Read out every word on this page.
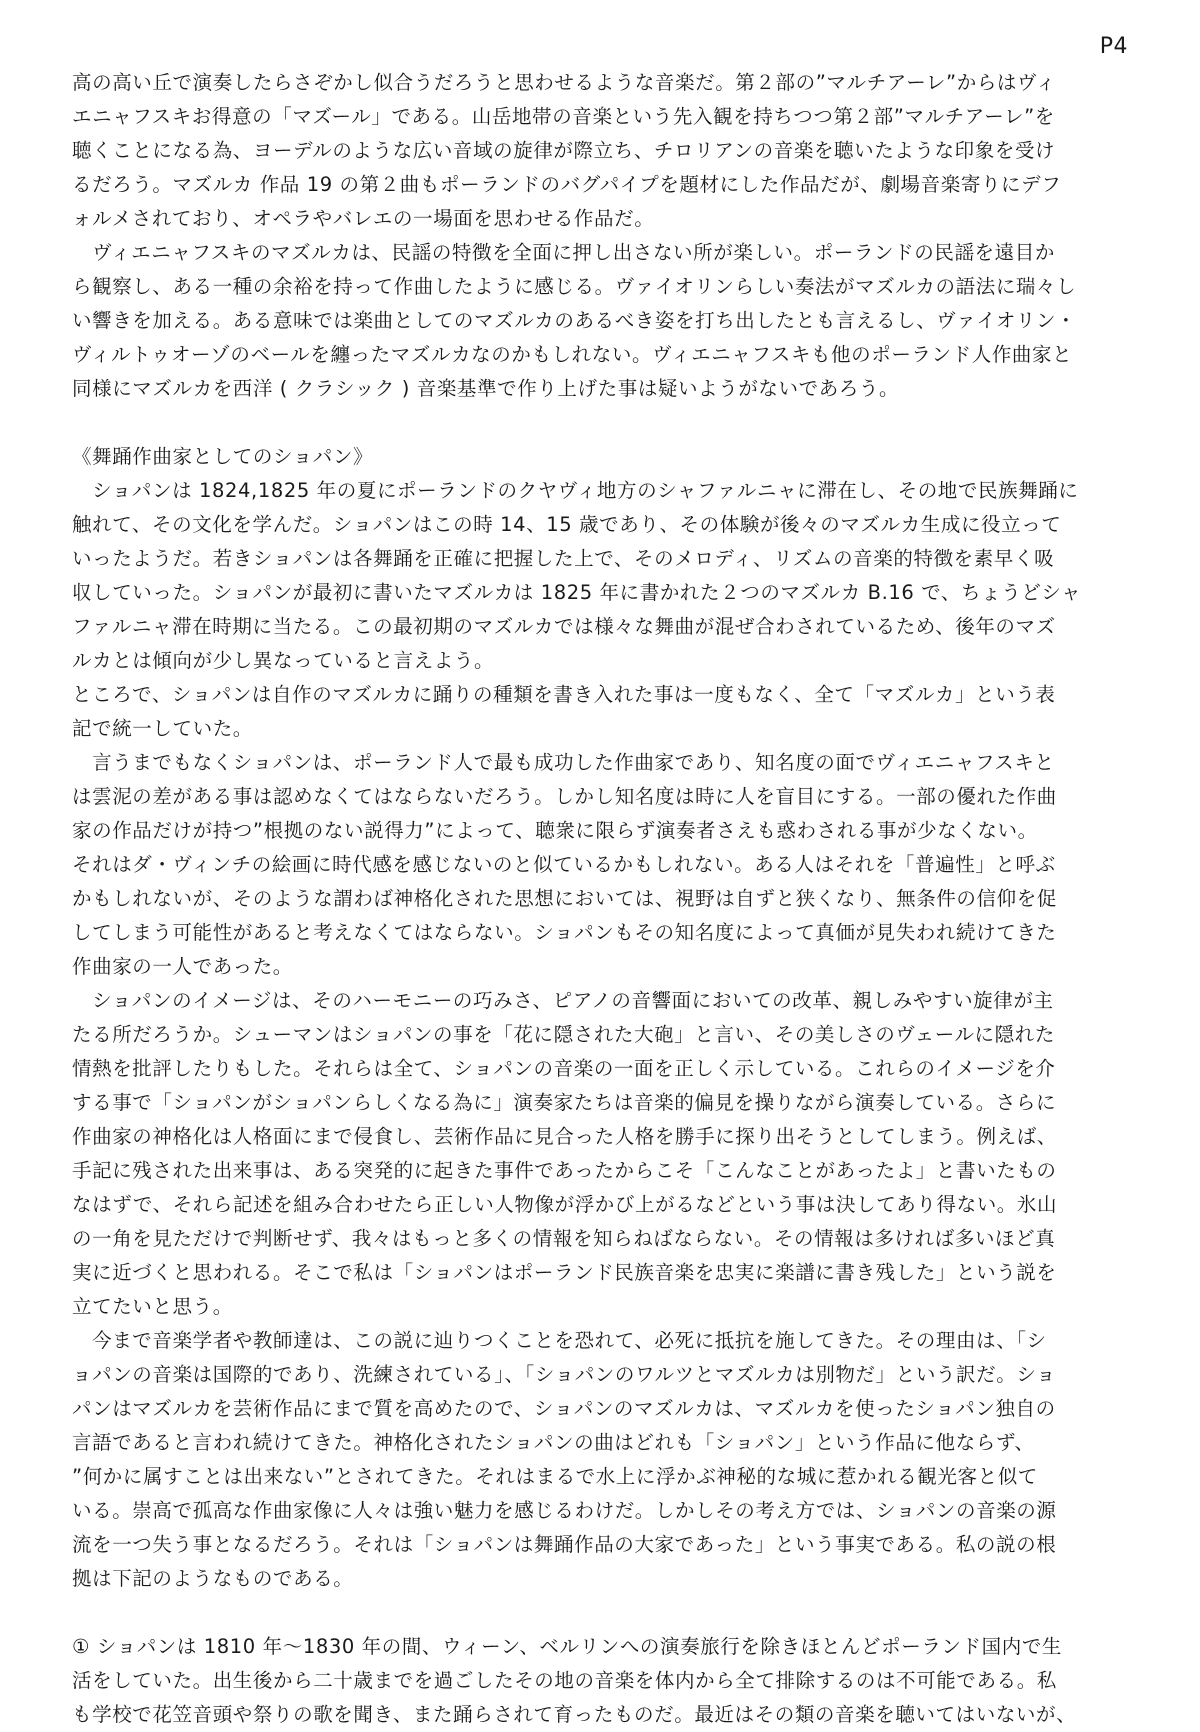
P4
高の高い丘で演奏したらさぞかし似合うだろうと思わせるような音楽だ。第２部の”マルチアーレ”からはヴィ
エニャフスキお得意の「マズール」である。山岳地帯の音楽という先入観を持ちつつ第２部”マルチアーレ”を
聴くことになる為、ヨーデルのような広い音域の旋律が際立ち、チロリアンの音楽を聴いたような印象を受け
るだろう。マズルカ 作品 19 の第２曲もポーランドのバグパイプを題材にした作品だが、劇場音楽寄りにデフ
ォルメされており、オペラやバレエの一場面を思わせる作品だ。
　ヴィエニャフスキのマズルカは、民謡の特徴を全面に押し出さない所が楽しい。ポーランドの民謡を遠目か
ら観察し、ある一種の余裕を持って作曲したように感じる。ヴァイオリンらしい奏法がマズルカの語法に瑞々し
い響きを加える。ある意味では楽曲としてのマズルカのあるべき姿を打ち出したとも言えるし、ヴァイオリン・
ヴィルトゥオーゾのベールを纏ったマズルカなのかもしれない。ヴィエニャフスキも他のポーランド人作曲家と
同様にマズルカを西洋 ( クラシック ) 音楽基準で作り上げた事は疑いようがないであろう。
《舞踊作曲家としてのショパン》
　ショパンは 1824,1825 年の夏にポーランドのクヤヴィ地方のシャファルニャに滞在し、その地で民族舞踊に
触れて、その文化を学んだ。ショパンはこの時 14、15 歳であり、その体験が後々のマズルカ生成に役立って
いったようだ。若きショパンは各舞踊を正確に把握した上で、そのメロディ、リズムの音楽的特徴を素早く吸
収していった。ショパンが最初に書いたマズルカは 1825 年に書かれた２つのマズルカ B.16 で、ちょうどシャ
ファルニャ滞在時期に当たる。この最初期のマズルカでは様々な舞曲が混ぜ合わされているため、後年のマズ
ルカとは傾向が少し異なっていると言えよう。
ところで、ショパンは自作のマズルカに踊りの種類を書き入れた事は一度もなく、全て「マズルカ」という表
記で統一していた。
　言うまでもなくショパンは、ポーランド人で最も成功した作曲家であり、知名度の面でヴィエニャフスキと
は雲泥の差がある事は認めなくてはならないだろう。しかし知名度は時に人を盲目にする。一部の優れた作曲
家の作品だけが持つ”根拠のない説得力”によって、聴衆に限らず演奏者さえも惑わされる事が少なくない。
それはダ・ヴィンチの絵画に時代感を感じないのと似ているかもしれない。ある人はそれを「普遍性」と呼ぶ
かもしれないが、そのような謂わば神格化された思想においては、視野は自ずと狭くなり、無条件の信仰を促
してしまう可能性があると考えなくてはならない。ショパンもその知名度によって真価が見失われ続けてきた
作曲家の一人であった。
　ショパンのイメージは、そのハーモニーの巧みさ、ピアノの音響面においての改革、親しみやすい旋律が主
たる所だろうか。シューマンはショパンの事を「花に隠された大砲」と言い、その美しさのヴェールに隠れた
情熱を批評したりもした。それらは全て、ショパンの音楽の一面を正しく示している。これらのイメージを介
する事で「ショパンがショパンらしくなる為に」演奏家たちは音楽的偏見を操りながら演奏している。さらに
作曲家の神格化は人格面にまで侵食し、芸術作品に見合った人格を勝手に探り出そうとしてしまう。例えば、
手記に残された出来事は、ある突発的に起きた事件であったからこそ「こんなことがあったよ」と書いたもの
なはずで、それら記述を組み合わせたら正しい人物像が浮かび上がるなどという事は決してあり得ない。氷山
の一角を見ただけで判断せず、我々はもっと多くの情報を知らねばならない。その情報は多ければ多いほど真
実に近づくと思われる。そこで私は「ショパンはポーランド民族音楽を忠実に楽譜に書き残した」という説を
立てたいと思う。
　今まで音楽学者や教師達は、この説に辿りつくことを恐れて、必死に抵抗を施してきた。その理由は、「シ
ョパンの音楽は国際的であり、洗練されている」、「ショパンのワルツとマズルカは別物だ」という訳だ。ショ
パンはマズルカを芸術作品にまで質を高めたので、ショパンのマズルカは、マズルカを使ったショパン独自の
言語であると言われ続けてきた。神格化されたショパンの曲はどれも「ショパン」という作品に他ならず、
”何かに属すことは出来ない”とされてきた。それはまるで水上に浮かぶ神秘的な城に惹かれる観光客と似て
いる。崇高で孤高な作曲家像に人々は強い魅力を感じるわけだ。しかしその考え方では、ショパンの音楽の源
流を一つ失う事となるだろう。それは「ショパンは舞踊作品の大家であった」という事実である。私の説の根
拠は下記のようなものである。
① ショパンは 1810 年〜1830 年の間、ウィーン、ベルリンへの演奏旅行を除きほとんどポーランド国内で生
活をしていた。出生後から二十歳までを過ごしたその地の音楽を体内から全て排除するのは不可能である。私
も学校で花笠音頭や祭りの歌を聞き、また踊らされて育ったものだ。最近はその類の音楽を聴いてはいないが、
